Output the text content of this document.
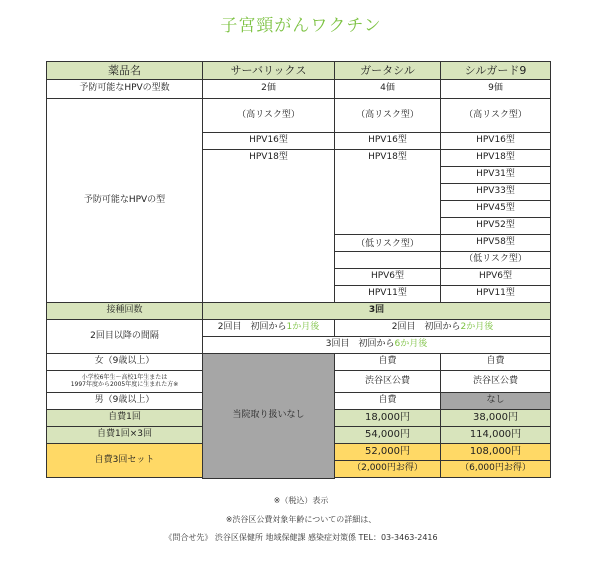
子宮頸がんワクチン
薬品名	サーバリックス	ガータシル	シルガード9
予防可能なHPVの型数	2価	4価	9価
予防可能なHPVの型	（高リスク型）	（高リスク型）	（高リスク型）
	HPV16型	HPV16型	HPV16型
	HPV18型	HPV18型	HPV18型
			HPV31型
			HPV33型
			HPV45型
			HPV52型
		（低リスク型）	HPV58型
			（低リスク型）
		HPV6型	HPV6型
		HPV11型	HPV11型
接種回数	3回		
2回目以降の間隔	2回目　初回から1か月後	2回目　初回から2か月後	
	3回目　初回から6か月後		
女（9歳以上）	当院取り扱いなし	自費	自費

小学校6年生～高校1年生または
1997年度から2005年度に生まれた方※		渋谷区公費	渋谷区公費
男（9歳以上）		自費	なし
自費1回		18,000円	38,000円
自費1回×3回		54,000円	114,000円
自費3回セット		52,000円	108,000円
		（2,000円お得）	（6,000円お得）

※（税込）表示
※渋谷区公費対象年齢についての詳細は、
《問合せ先》 渋谷区保健所 地域保健課 感染症対策係 TEL：03-3463-2416
